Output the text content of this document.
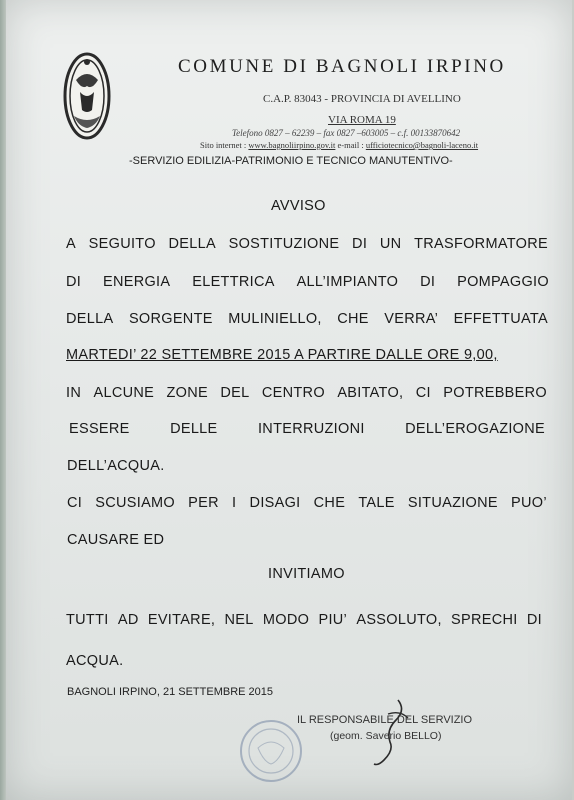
COMUNE DI BAGNOLI IRPINO
C.A.P. 83043 - PROVINCIA DI AVELLINO
VIA ROMA 19
Telefono 0827 – 62239 – fax 0827 –603005 – c.f. 00133870642
Sito internet : www.bagnoliirpino.gov.it e-mail : ufficiotecnico@bagnoli-laceno.it
-SERVIZIO EDILIZIA-PATRIMONIO E TECNICO MANUTENTIVO-
AVVISO
A SEGUITO DELLA SOSTITUZIONE DI UN TRASFORMATORE
DI ENERGIA ELETTRICA ALL’IMPIANTO DI POMPAGGIO
DELLA SORGENTE MULINIELLO, CHE VERRA’ EFFETTUATA
MARTEDI’ 22 SETTEMBRE 2015 A PARTIRE DALLE ORE 9,00,
IN ALCUNE ZONE DEL CENTRO ABITATO, CI POTREBBERO
ESSERE	DELLE	INTERRUZIONI	DELL’EROGAZIONE
DELL’ACQUA.
CI SCUSIAMO PER I DISAGI CHE TALE SITUAZIONE PUO’
CAUSARE ED
INVITIAMO
TUTTI AD EVITARE, NEL MODO PIU’ ASSOLUTO, SPRECHI DI
ACQUA.
BAGNOLI IRPINO, 21 SETTEMBRE 2015
IL RESPONSABILE DEL SERVIZIO
(geom. Saverio BELLO)
